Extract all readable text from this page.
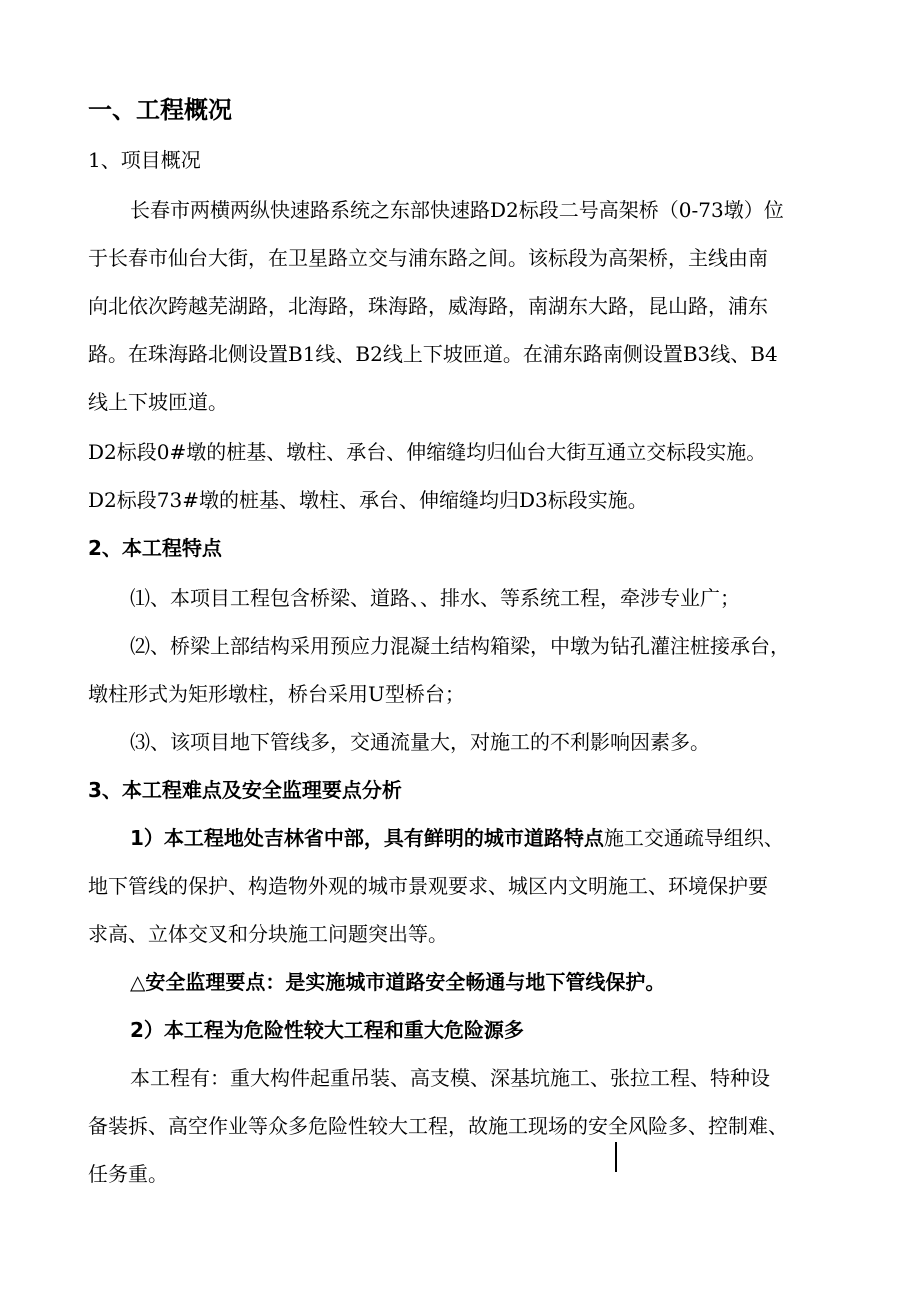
一、工程概况
1、项目概况
长春市两横两纵快速路系统之东部快速路D2标段二号高架桥（0-73墩）位
于长春市仙台大街，在卫星路立交与浦东路之间。该标段为高架桥，主线由南
向北依次跨越芜湖路，北海路，珠海路，威海路，南湖东大路，昆山路，浦东
路。在珠海路北侧设置B1线、B2线上下坡匝道。在浦东路南侧设置B3线、B4
线上下坡匝道。
D2标段0#墩的桩基、墩柱、承台、伸缩缝均归仙台大街互通立交标段实施。
D2标段73#墩的桩基、墩柱、承台、伸缩缝均归D3标段实施。
2、本工程特点
⑴、本项目工程包含桥梁、道路、、排水、等系统工程，牵涉专业广；
⑵、桥梁上部结构采用预应力混凝土结构箱梁，中墩为钻孔灌注桩接承台，
墩柱形式为矩形墩柱，桥台采用U型桥台；
⑶、该项目地下管线多，交通流量大，对施工的不利影响因素多。
3、本工程难点及安全监理要点分析
1）本工程地处吉林省中部，具有鲜明的城市道路特点施工交通疏导组织、
地下管线的保护、构造物外观的城市景观要求、城区内文明施工、环境保护要
求高、立体交叉和分块施工问题突出等。
△安全监理要点：是实施城市道路安全畅通与地下管线保护。
2）本工程为危险性较大工程和重大危险源多
本工程有：重大构件起重吊装、高支模、深基坑施工、张拉工程、特种设
备装拆、高空作业等众多危险性较大工程，故施工现场的安全风险多、控制难、
任务重。
